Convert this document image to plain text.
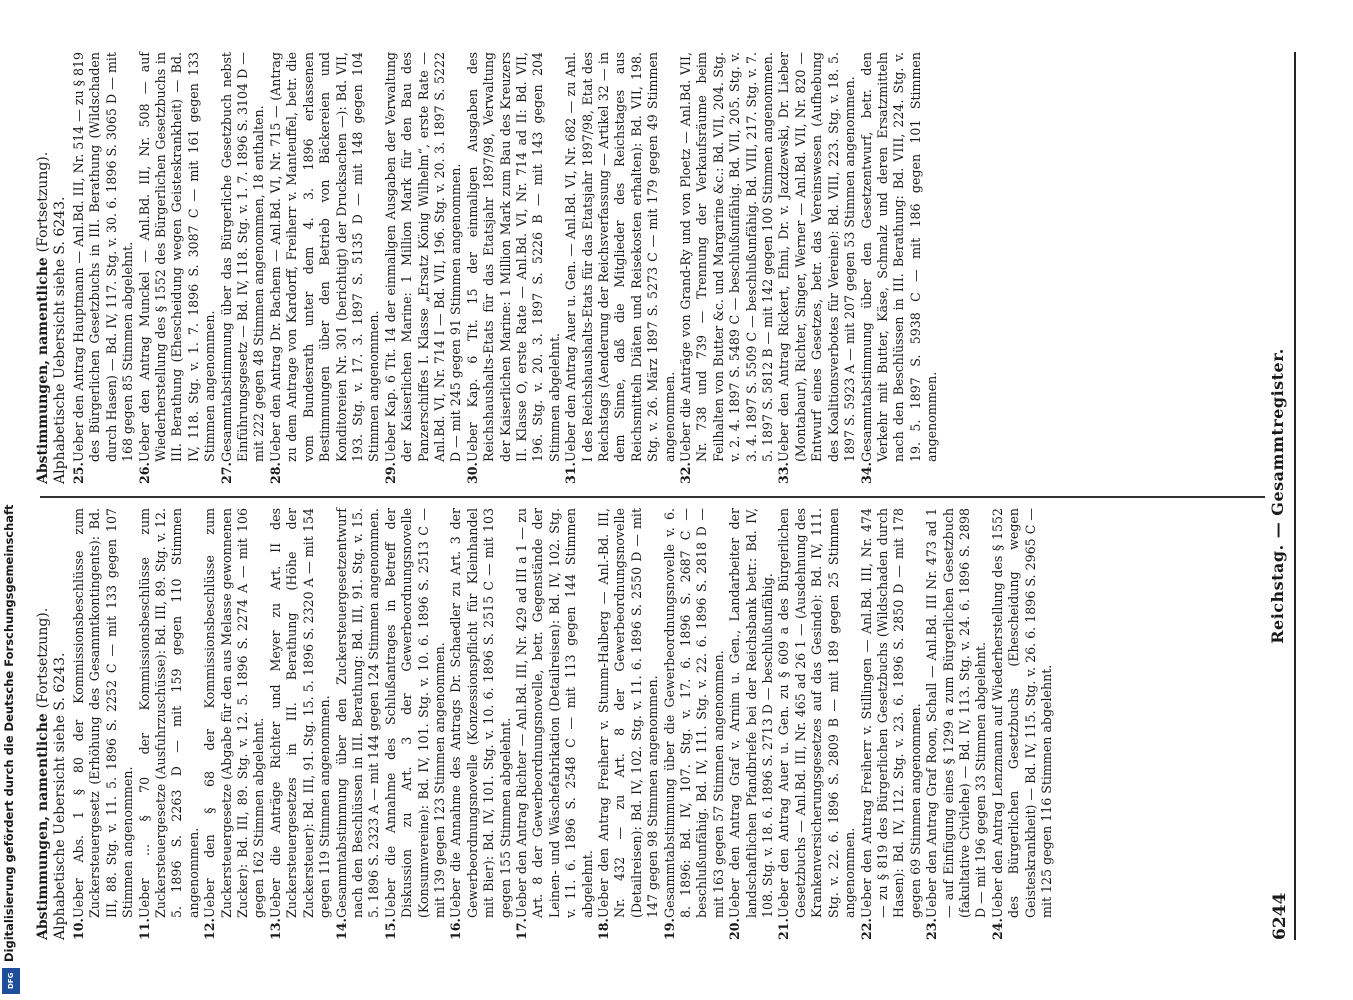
6244
Reichstag. — Gesammtregister.

Abstimmungen, namentliche (Fortsetzung). Alphabetische Uebersicht siehe S. 6243. 10.
Ueber Abs. 1 § 80 der Kommissionsbeschlüsse zum Zuckersteuergesetz (Erhöhung des Gesammtkontingents): Bd. III, 88. Stg. v. 11. 5. 1896 S. 2252 C — mit 133 gegen 107 Stimmen angenommen.

11.
Ueber ... § 70 der Kommissionsbeschlüsse zum Zuckersteuergesetze (Ausfuhrzuschüsse): Bd. III, 89. Stg. v. 12. 5. 1896 S. 2263 D — mit 159 gegen 110 Stimmen angenommen.

12.
Ueber den § 68 der Kommissionsbeschlüsse zum Zuckersteuergesetze (Abgabe für den aus Melasse gewonnenen Zucker): Bd. III, 89. Stg. v. 12. 5. 1896 S. 2274 A — mit 106 gegen 162 Stimmen abgelehnt.

13.
Ueber die Anträge Richter und Meyer zu Art. II des Zuckersteuergesetzes in III. Berathung (Höhe der Zuckersteuer): Bd. III, 91. Stg. 15. 5. 1896 S. 2320 A — mit 154 gegen 119 Stimmen angenommen.

14.
Gesammtabstimmung über den Zuckersteuergesetzentwurf nach den Beschlüssen in III. Berathung: Bd. III, 91. Stg. v. 15. 5. 1896 S. 2323 A — mit 144 gegen 124 Stimmen angenommen.

15.
Ueber die Annahme des Schlußantrages in Betreff der Diskussion zu Art. 3 der Gewerbeordnungsnovelle (Konsumvereine): Bd. IV, 101. Stg. v. 10. 6. 1896 S. 2513 C — mit 139 gegen 123 Stimmen angenommen.

16.
Ueber die Annahme des Antrags Dr. Schaedler zu Art. 3 der Gewerbeordnungsnovelle (Konzessionspflicht für Kleinhandel mit Bier): Bd. IV, 101. Stg. v. 10. 6. 1896 S. 2515 C — mit 103 gegen 155 Stimmen abgelehnt.

17.
Ueber den Antrag Richter — Anl.Bd. III, Nr. 429 ad III a 1 — zu Art. 8 der Gewerbeordnungsnovelle, betr. Gegenstände der Leinen- und Wäschefabrikation (Detailreisen): Bd. IV, 102. Stg. v. 11. 6. 1896 S. 2548 C — mit 113 gegen 144 Stimmen abgelehnt.

18.
Ueber den Antrag Freiherr v. Stumm-Halberg — Anl.-Bd. III, Nr. 432 — zu Art. 8 der Gewerbeordnungsnovelle (Detailreisen): Bd. IV, 102. Stg. v. 11. 6. 1896 S. 2550 D — mit 147 gegen 98 Stimmen angenommen.

19.
Gesammtabstimmung über die Gewerbeordnungsnovelle v. 6. 8. 1896: Bd. IV, 107. Stg. v. 17. 6. 1896 S. 2687 C — beschlußunfähig. Bd. IV, 111. Stg. v. 22. 6. 1896 S. 2818 D — mit 163 gegen 57 Stimmen angenommen.

20.
Ueber den Antrag Graf v. Arnim u. Gen., Landarbeiter der landschaftlichen Pfandbriefe bei der Reichsbank betr.: Bd. IV, 108. Stg. v. 18. 6. 1896 S. 2713 D — beschlußunfähig.

21.
Ueber den Antrag Auer u. Gen. zu § 609 a des Bürgerlichen Gesetzbuchs — Anl.Bd. III, Nr. 465 ad 26 1 — (Ausdehnung des Krankenversicherungsgesetzes auf das Gesinde): Bd. IV, 111. Stg. v. 22. 6. 1896 S. 2809 B — mit 189 gegen 25 Stimmen angenommen.

22.
Ueber den Antrag Freiherr v. Stillingen — Anl.Bd. III, Nr. 474 — zu § 819 des Bürgerlichen Gesetzbuchs (Wildschaden durch Hasen): Bd. IV, 112. Stg. v. 23. 6. 1896 S. 2850 D — mit 178 gegen 69 Stimmen angenommen.

23.
Ueber den Antrag Graf Roon, Schall — Anl.Bd. III Nr. 473 ad 1 — auf Einfügung eines § 1299 a zum Bürgerlichen Gesetzbuch (fakultative Civilehe) — Bd. IV, 113. Stg. v. 24. 6. 1896 S. 2898 D — mit 196 gegen 33 Stimmen abgelehnt.

24.
Ueber den Antrag Lenzmann auf Wiederherstellung des § 1552 des Bürgerlichen Gesetzbuchs (Ehescheidung wegen Geisteskrankheit) — Bd. IV, 115. Stg. v. 26. 6. 1896 S. 2965 C — mit 125 gegen 116 Stimmen abgelehnt.

Abstimmungen, namentliche (Fortsetzung). Alphabetische Uebersicht siehe S. 6243. 25.
Ueber den Antrag Hauptmann — Anl.Bd. III, Nr. 514 — zu § 819 des Bürgerlichen Gesetzbuchs in III. Berathung (Wildschaden durch Hasen) — Bd. IV, 117. Stg. v. 30. 6. 1896 S. 3065 D — mit 168 gegen 85 Stimmen abgelehnt.

26.
Ueber den Antrag Munckel — Anl.Bd. III, Nr. 508 — auf Wiederherstellung des § 1552 des Bürgerlichen Gesetzbuchs in III. Berathung (Ehescheidung wegen Geisteskrankheit) — Bd. IV, 118. Stg. v. 1. 7. 1896 S. 3087 C — mit 161 gegen 133 Stimmen angenommen.

27.
Gesammtabstimmung über das Bürgerliche Gesetzbuch nebst Einführungsgesetz — Bd. IV, 118. Stg. v. 1. 7. 1896 S. 3104 D — mit 222 gegen 48 Stimmen angenommen, 18 enthalten.

28.
Ueber den Antrag Dr. Bachem — Anl.Bd. VI, Nr. 715 — (Antrag zu dem Antrage von Kardorff, Freiherr v. Manteuffel, betr. die vom Bundesrath unter dem 4. 3. 1896 erlassenen Bestimmungen über den Betrieb von Bäckereien und Konditoreien Nr. 301 (berichtigt) der Drucksachen —): Bd. VII, 193. Stg. v. 17. 3. 1897 S. 5135 D — mit 148 gegen 104 Stimmen angenommen.

29.
Ueber Kap. 6 Tit. 14 der einmaligen Ausgaben der Verwaltung der Kaiserlichen Marine: 1 Million Mark für den Bau des Panzerschiffes I. Klasse „Ersatz König Wilhelm“, erste Rate — Anl.Bd. VI, Nr. 714 I — Bd. VII, 196. Stg. v. 20. 3. 1897 S. 5222 D — mit 245 gegen 91 Stimmen angenommen.

30.
Ueber Kap. 6 Tit. 15 der einmaligen Ausgaben des Reichshaushalts-Etats für das Etatsjahr 1897/98, Verwaltung der Kaiserlichen Marine: 1 Million Mark zum Bau des Kreuzers II. Klasse O, erste Rate — Anl.Bd. VI, Nr. 714 ad II: Bd. VII, 196. Stg. v. 20. 3. 1897 S. 5226 B — mit 143 gegen 204 Stimmen abgelehnt.

31.
Ueber den Antrag Auer u. Gen. — Anl.Bd. VI, Nr. 682 — zu Anl. I des Reichshaushalts-Etats für das Etatsjahr 1897/98, Etat des Reichstags (Aenderung der Reichsverfassung — Artikel 32 — in dem Sinne, daß die Mitglieder des Reichstages aus Reichsmitteln Diäten und Reisekosten erhalten): Bd. VII, 198. Stg. v. 26. März 1897 S. 5273 C — mit 179 gegen 49 Stimmen angenommen.

32.
Ueber die Anträge von Grand-Ry und von Ploetz — Anl.Bd. VII, Nr. 738 und 739 — Trennung der Verkaufsräume beim Feilhalten von Butter &c. und Margarine &c.: Bd. VII, 204. Stg. v. 2. 4. 1897 S. 5489 C — beschlußunfähig. Bd. VII, 205. Stg. v. 3. 4. 1897 S. 5509 C — beschlußunfähig. Bd. VIII, 217. Stg. v. 7. 5. 1897 S. 5812 B — mit 142 gegen 100 Stimmen angenommen.

33.
Ueber den Antrag Rickert, Ehni, Dr. v. Jazdzewski, Dr. Lieber (Montabaur), Richter, Singer, Werner — Anl.Bd. VII, Nr. 820 — Entwurf eines Gesetzes, betr. das Vereinswesen (Aufhebung des Koalitionsverbotes für Vereine): Bd. VIII, 223. Stg. v. 18. 5. 1897 S. 5923 A — mit 207 gegen 53 Stimmen angenommen.

34.
Gesammtabstimmung über den Gesetzentwurf, betr. den Verkehr mit Butter, Käse, Schmalz und deren Ersatzmitteln nach den Beschlüssen in III. Berathung: Bd. VIII, 224. Stg. v. 19. 5. 1897 S. 5938 C — mit 186 gegen 101 Stimmen angenommen.

Digitalisierung gefördert durch die Deutsche Forschungsgemeinschaft
DFG
